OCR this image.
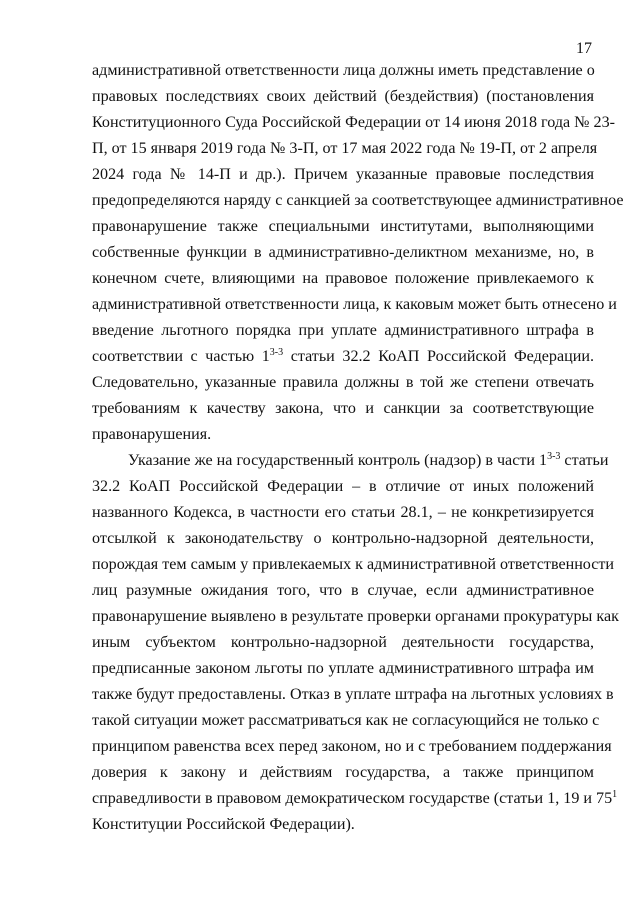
17
административной ответственности лица должны иметь представление о
правовых последствиях своих действий (бездействия) (постановления
Конституционного Суда Российской Федерации от 14 июня 2018 года № 23-
П, от 15 января 2019 года № 3-П, от 17 мая 2022 года № 19-П, от 2 апреля
2024 года № 14-П и др.). Причем указанные правовые последствия
предопределяются наряду с санкцией за соответствующее административное
правонарушение также специальными институтами, выполняющими
собственные функции в административно-деликтном механизме, но, в
конечном счете, влияющими на правовое положение привлекаемого к
административной ответственности лица, к каковым может быть отнесено и
введение льготного порядка при уплате административного штрафа в
соответствии с частью 1$^{3-3}$ статьи 32.2 КоАП Российской Федерации.
Следовательно, указанные правила должны в той же степени отвечать
требованиям к качеству закона, что и санкции за соответствующие
правонарушения.
Указание же на государственный контроль (надзор) в части 1$^{3-3}$ статьи
32.2 КоАП Российской Федерации – в отличие от иных положений
названного Кодекса, в частности его статьи 28.1, – не конкретизируется
отсылкой к законодательству о контрольно-надзорной деятельности,
порождая тем самым у привлекаемых к административной ответственности
лиц разумные ожидания того, что в случае, если административное
правонарушение выявлено в результате проверки органами прокуратуры как
иным субъектом контрольно-надзорной деятельности государства,
предписанные законом льготы по уплате административного штрафа им
также будут предоставлены. Отказ в уплате штрафа на льготных условиях в
такой ситуации может рассматриваться как не согласующийся не только с
принципом равенства всех перед законом, но и с требованием поддержания
доверия к закону и действиям государства, а также принципом
справедливости в правовом демократическом государстве (статьи 1, 19 и $75^1$
Конституции Российской Федерации).
